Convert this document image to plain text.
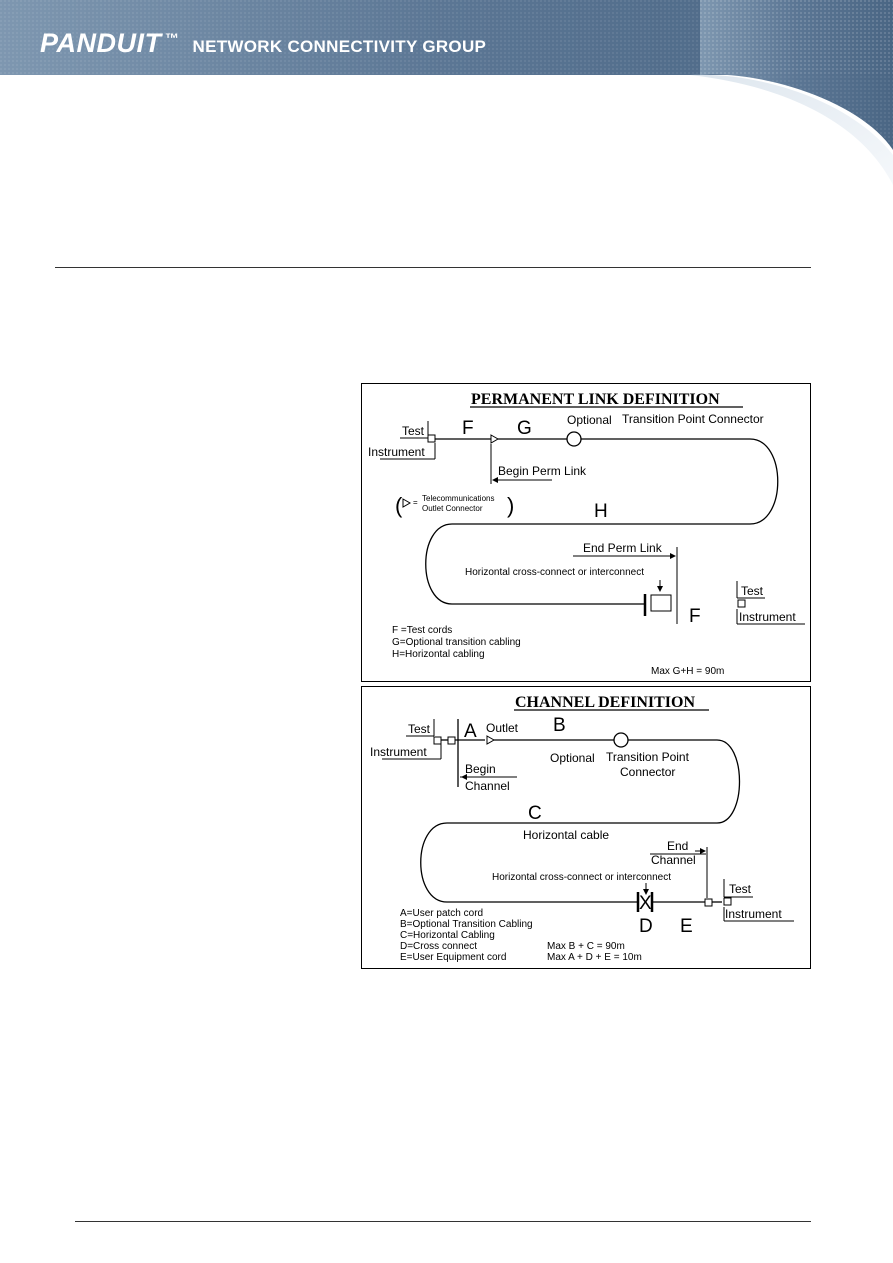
PANDUIT ™ NETWORK CONNECTIVITY GROUP
PERMANENT LINK DEFINITION
Test
Instrument
F G	Optional Transition Point Connector
Begin Perm Link
( = Telecommunications
Outlet Connector )	H
End Perm Link
Horizontal cross-connect or interconnect
F
Test
Instrument
F =Test cords
G=Optional transition cabling
H=Horizontal cabling
Max G+H = 90m
CHANNEL DEFINITION
Test
Instrument
A Outlet B
Optional Transition Point
Connector
Begin
Channel
C
Horizontal cable
End
Channel
Horizontal cross-connect or interconnect
X
D E
Test
Instrument
A=User patch cord
B=Optional Transition Cabling
C=Horizontal Cabling
D=Cross connect
E=User Equipment cord
Max B + C = 90m
Max A + D + E = 10m
